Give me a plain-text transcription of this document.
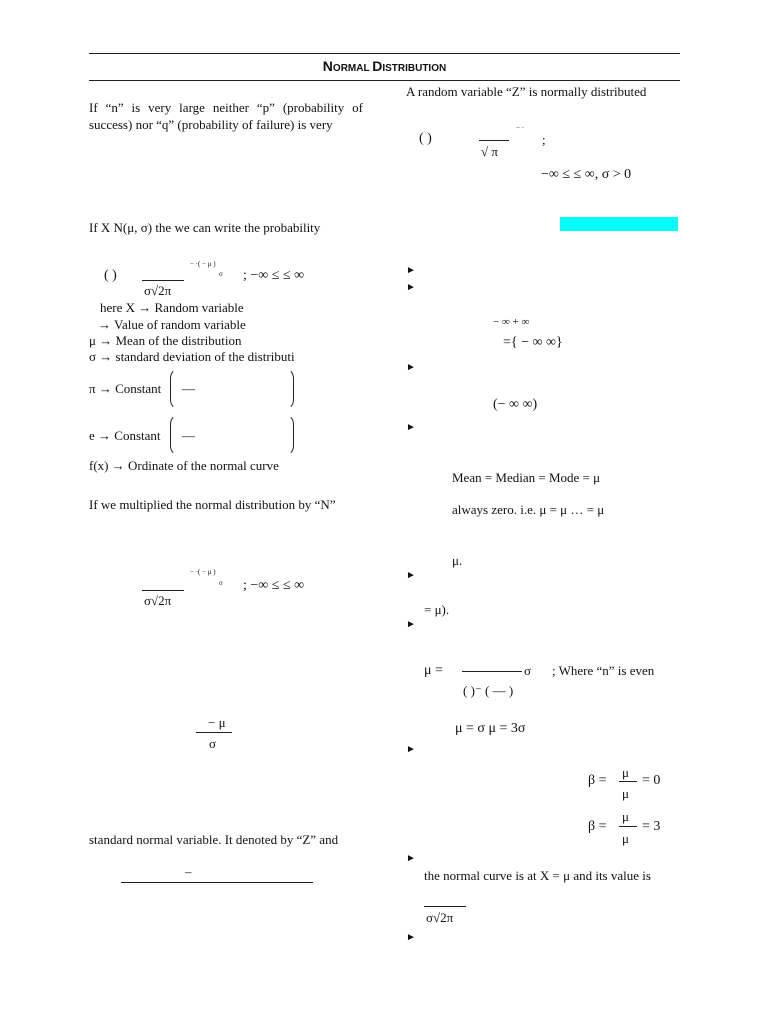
NORMAL DISTRIBUTION
If “n” is very large neither “p” (probability of success) nor “q” (probability of failure) is very
If X N(μ, σ) the we can write the probability
( )
σ√2π
− ·( − μ )
σ ; −∞ ≤ ≤ ∞
here X → Random variable
→ Value of random variable
μ → Mean of the distribution
σ → standard deviation of the distributi
π → Constant —
e → Constant —
f(x) → Ordinate of the normal curve
If we multiplied the normal distribution by “N”
σ√2π
− ·( − μ )
σ ; −∞ ≤ ≤ ∞
− μ
σ
standard normal variable. It denoted by “Z” and
–
A random variable “Z” is normally distributed
( )
√ π
− ·
;
−∞ ≤ ≤ ∞, σ > 0
►
►
− ∞ + ∞
={ − ∞ ∞}
►
(− ∞ ∞)
►
Mean = Median = Mode = μ
always zero. i.e. μ = μ … = μ
μ.
►
= μ).
►
μ =	σ ; Where “n” is even
( )⁻ ( — )
μ = σ μ = 3σ
►
β =
μ
μ
= 0
β =
μ
μ
= 3
►
the normal curve is at X = μ and its value is
σ√2π
►
